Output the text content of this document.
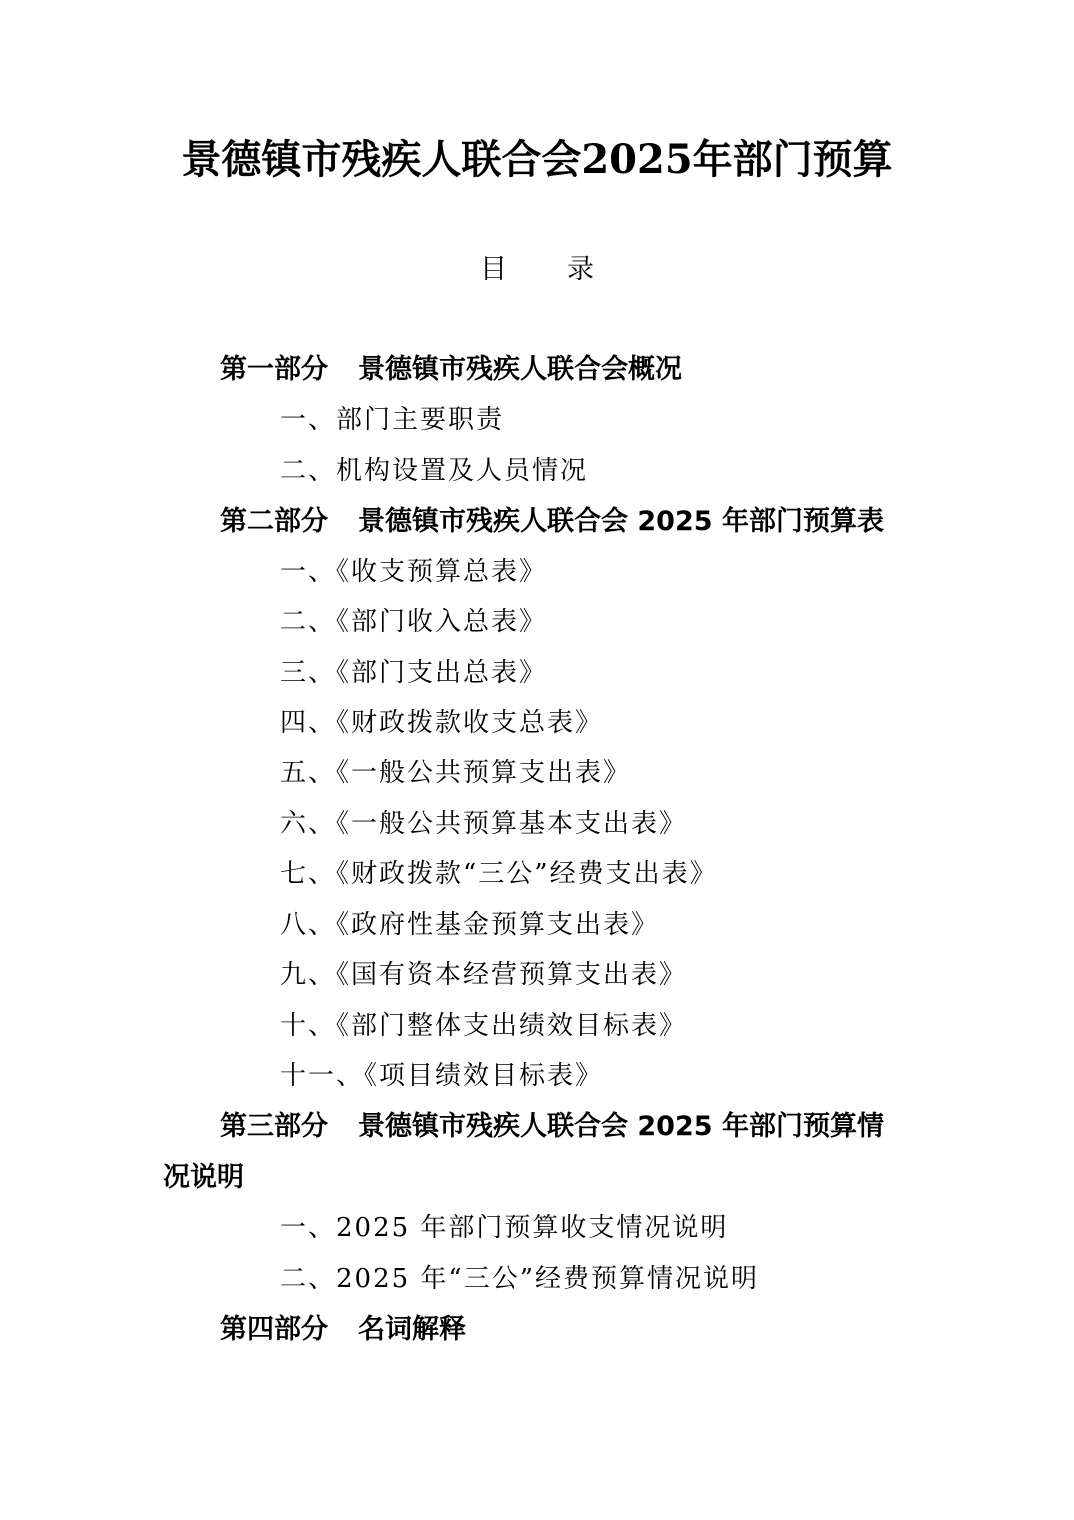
景德镇市残疾人联合会2025年部门预算
目 录
第一部分 景德镇市残疾人联合会概况
一、部门主要职责
二、机构设置及人员情况
第二部分 景德镇市残疾人联合会 2025 年部门预算表
一、《收支预算总表》
二、《部门收入总表》
三、《部门支出总表》
四、《财政拨款收支总表》
五、《一般公共预算支出表》
六、《一般公共预算基本支出表》
七、《财政拨款“三公”经费支出表》
八、《政府性基金预算支出表》
九、《国有资本经营预算支出表》
十、《部门整体支出绩效目标表》
十一、《项目绩效目标表》
第三部分 景德镇市残疾人联合会 2025 年部门预算情
况说明
一、2025 年部门预算收支情况说明
二、2025 年“三公”经费预算情况说明
第四部分 名词解释
